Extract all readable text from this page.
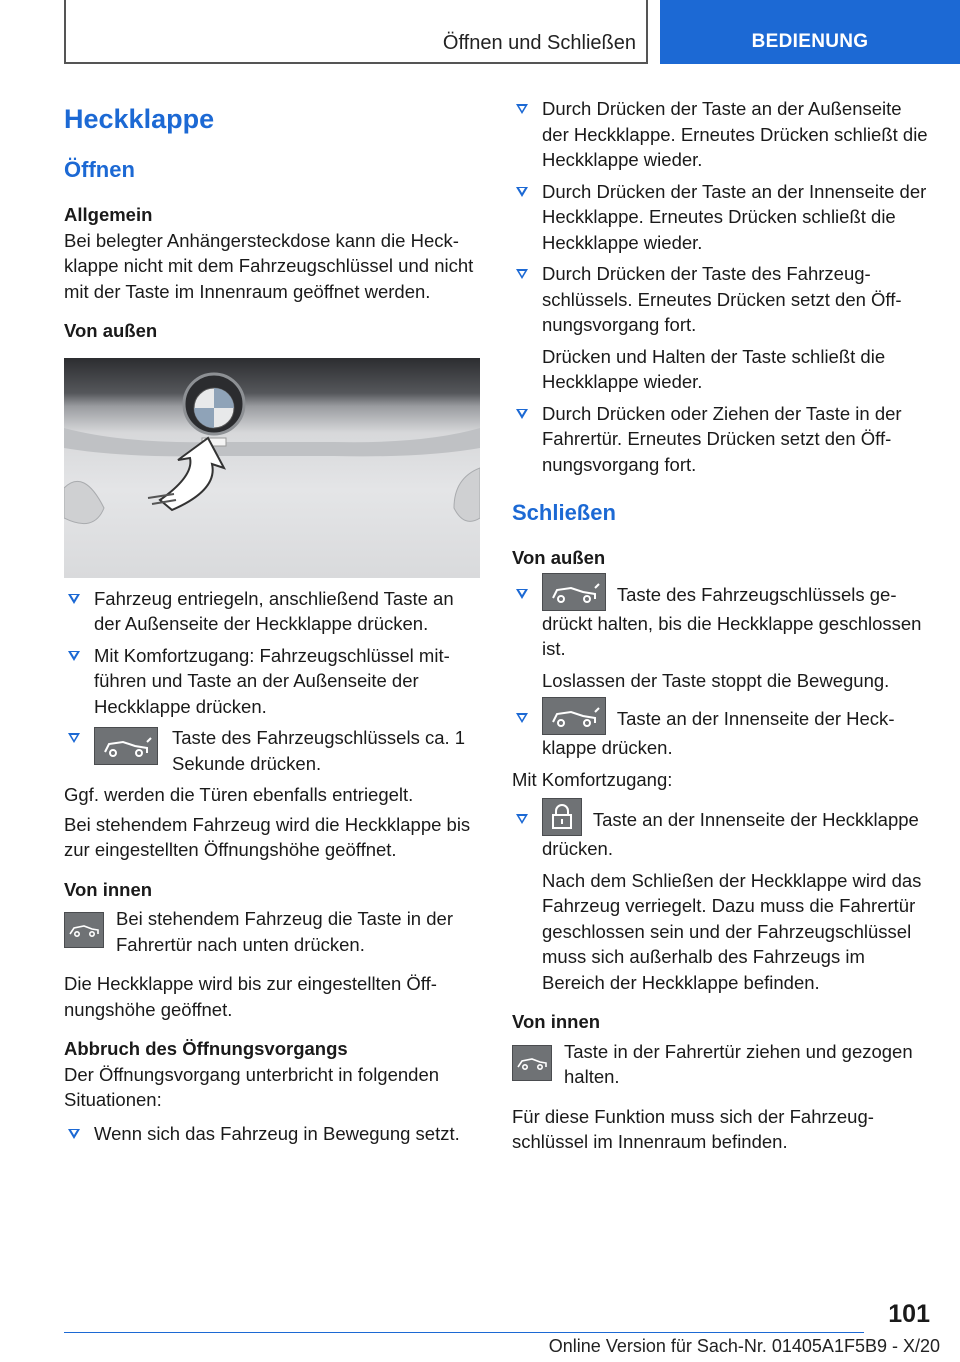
Öffnen und Schließen	BEDIENUNG
Heckklappe
Öffnen
Allgemein

Bei belegter Anhängersteckdose kann die Heckklappe nicht mit dem Fahrzeugschlüssel und nicht mit der Taste im Innenraum geöffnet werden.

Von außen
Fahrzeug entriegeln, anschließend Taste an der Außenseite der Heckklappe drücken.
Mit Komfortzugang: Fahrzeugschlüssel mitführen und Taste an der Außenseite der Heckklappe drücken.
Taste des Fahrzeugschlüssels ca. 1 Sekunde drücken.

Ggf. werden die Türen ebenfalls entriegelt.

Bei stehendem Fahrzeug wird die Heckklappe bis zur eingestellten Öffnungshöhe geöffnet.

Von innen
Bei stehendem Fahrzeug die Taste in der Fahrertür nach unten drücken.

Die Heckklappe wird bis zur eingestellten Öffnungshöhe geöffnet.

Abbruch des Öffnungsvorgangs

Der Öffnungsvorgang unterbricht in folgenden Situationen:

Wenn sich das Fahrzeug in Bewegung setzt.
Durch Drücken der Taste an der Außenseite der Heckklappe. Erneutes Drücken schließt die Heckklappe wieder.
Durch Drücken der Taste an der Innenseite der Heckklappe. Erneutes Drücken schließt die Heckklappe wieder.
Durch Drücken der Taste des Fahrzeugschlüssels. Erneutes Drücken setzt den Öffnungsvorgang fort.
Drücken und Halten der Taste schließt die Heckklappe wieder.
Durch Drücken oder Ziehen der Taste in der Fahrertür. Erneutes Drücken setzt den Öffnungsvorgang fort.
Schließen
Von außen
Taste des Fahrzeugschlüssels gedrückt halten, bis die Heckklappe geschlossen ist.
Loslassen der Taste stoppt die Bewegung.
Taste an der Innenseite der Heckklappe drücken.

Mit Komfortzugang:

Taste an der Innenseite der Heckklappe drücken.
Nach dem Schließen der Heckklappe wird das Fahrzeug verriegelt. Dazu muss die Fahrertür geschlossen sein und der Fahrzeugschlüssel muss sich außerhalb des Fahrzeugs im Bereich der Heckklappe befinden.
Von innen
Taste in der Fahrertür ziehen und gezogen halten.

Für diese Funktion muss sich der Fahrzeugschlüssel im Innenraum befinden.

101
Online Version für Sach-Nr. 01405A1F5B9 - X/20
